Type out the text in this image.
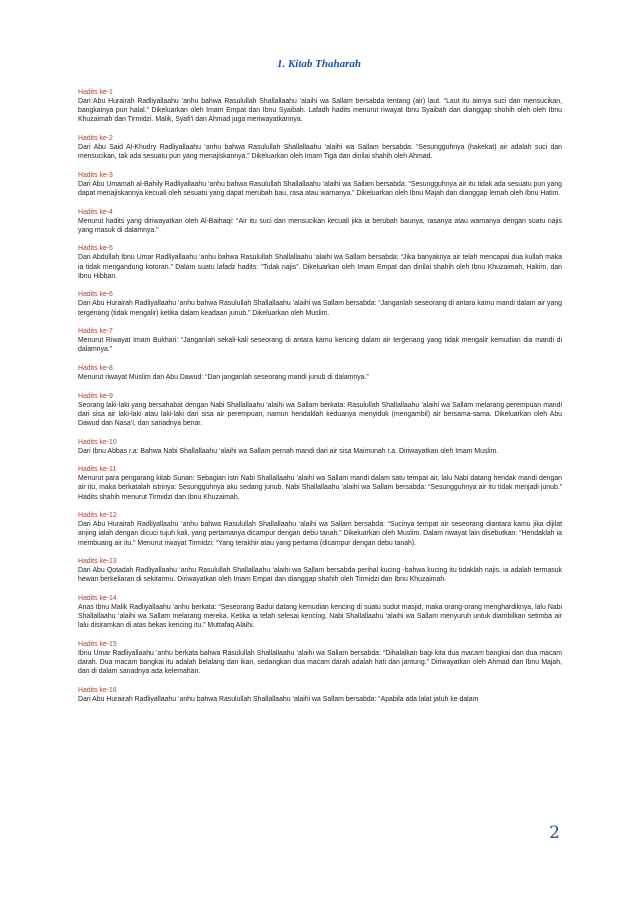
1. Kitab Thaharah
Hadits ke-1
Dari Abu Hurairah Radliyallaahu ‘anhu bahwa Rasulullah Shallallaahu ‘alaihi wa Sallam bersabda tentang (air) laut. “Laut itu airnya suci dan mensucikan, bangkainya pun halal.” Dikeluarkan oleh Imam Empat dan Ibnu Syaibah. Lafadh hadits menurut riwayat Ibnu Syaibah dan dianggap shohih oleh oleh Ibnu Khuzaimah dan Tirmidzi. Malik, Syafi'i dan Ahmad juga meriwayatkannya.
Hadits ke-2
Dari Abu Said Al-Khudry Radliyallaahu ‘anhu bahwa Rasulullah Shallallaahu ‘alaihi wa Sallam bersabda: “Sesungguhnya (hakekat) air adalah suci dan mensucikan, tak ada sesuatu pun yang menajiskannya.” Dikeluarkan oleh Imam Tiga dan dinilai shahih oleh Ahmad.
Hadits ke-3
Dari Abu Umamah al-Bahily Radliyallaahu ‘anhu bahwa Rasulullah Shallallaahu ‘alaihi wa Sallam bersabda: “Sesungguhnya air itu tidak ada sesuatu pun yang dapat menajiskannya kecuali oleh sesuatu yang dapat merubah bau, rasa atau warnanya.” Dikeluarkan oleh Ibnu Majah dan dianggap lemah oleh Ibnu Hatim.
Hadits ke-4
Menurut hadits yang diriwayatkan oleh Al-Baihaqi: “Air itu suci dan mensucikan kecuali jika ia berubah baunya, rasanya atau warnanya dengan suatu najis yang masuk di dalamnya.”
Hadits ke-5
Dari Abdullah Ibnu Umar Radliyallaahu ‘anhu bahwa Rasulullah Shallallaahu ‘alaihi wa Sallam bersabda: “Jika banyaknya air telah mencapai dua kullah maka ia tidak mengandung kotoran.” Dalam suatu lafadz hadits: “Tidak najis”. Dikeluarkan oleh Imam Empat dan dinilai shahih oleh Ibnu Khuzaimah, Hakim, dan Ibnu Hibban.
Hadits ke-6
Dari Abu Hurairah Radliyallaahu ‘anhu bahwa Rasulullah Shallallaahu ‘alaihi wa Sallam bersabda: “Janganlah seseorang di antara kamu mandi dalam air yang tergenang (tidak mengalir) ketika dalam keadaan junub.” Dikeluarkan oleh Muslim.
Hadits ke-7
Menurut Riwayat Imam Bukhari: “Janganlah sekali-kali seseorang di antara kamu kencing dalam air tergenang yang tidak mengalir kemudian dia mandi di dalamnya.”
Hadits ke-8
Menurut riwayat Muslim dan Abu Dawud: “Dan janganlah seseorang mandi junub di dalamnya.”
Hadits ke-9
Seorang laki-laki yang bersahabat dengan Nabi Shallallaahu ‘alaihi wa Sallam berkata: Rasulullah Shallallaahu ‘alaihi wa Sallam melarang perempuan mandi dari sisa air laki-laki atau laki-laki dari sisa air perempuan, namun hendaklah keduanya menyiduk (mengambil) air bersama-sama. Dikeluarkan oleh Abu Dawud dan Nasa’i, dan sanadnya benar.
Hadits ke-10
Dari Ibnu Abbas r.a: Bahwa Nabi Shallallaahu ‘alaihi wa Sallam pernah mandi dari air sisa Maimunah r.a. Diriwayatkan oleh Imam Muslim.
Hadits ke-11
Menurut para pengarang kitab Sunan: Sebagian istri Nabi Shallallaahu ‘alaihi wa Sallam mandi dalam satu tempat air, lalu Nabi datang hendak mandi dengan air itu, maka berkatalah istrinya: Sesungguhnya aku sedang junub. Nabi Shallallaahu ‘alaihi wa Sallam bersabda: “Sesungguhnya air itu tidak menjadi junub.” Hadits shahih menurut Tirmidzi dan Ibnu Khuzaimah.
Hadits ke-12
Dari Abu Hurairah Radliyallaahu ‘anhu bahwa Rasulullah Shallallaahu ‘alaihi wa Sallam bersabda: “Sucinya tempat air seseorang diantara kamu jika dijilat anjing ialah dengan dicuci tujuh kali, yang pertamanya dicampur dengan debu tanah.” Dikeluarkan oleh Muslim. Dalam riwayat lain disebutkan: “Hendaklah ia membuang air itu.” Menurut riwayat Tirmidzi: “Yang terakhir atau yang pertama (dicampur dengan debu tanah).
Hadits ke-13
Dari Abu Qotadah Radliyallaahu ‘anhu Rasulullah Shallallaahu ‘alaihi wa Sallam bersabda perihal kucing -bahwa kucing itu tidaklah najis, ia adalah termasuk hewan berkeliaran di sekitarmu. Diriwayatkan oleh Imam Empat dan dianggap shahih oleh Tirmidzi dan Ibnu Khuzaimah.
Hadits ke-14
Anas Ibnu Malik Radliyallaahu ‘anhu berkata: “Seseorang Badui datang kemudian kencing di suatu sudut masjid, maka orang-orang menghardiknya, lalu Nabi Shallallaahu ‘alaihi wa Sallam melarang mereka. Ketika ia telah selesai kencing, Nabi Shallallaahu ‘alaihi wa Sallam menyuruh untuk diambilkan setimba air lalu disiramkan di atas bekas kencing itu.” Muttafaq Alaihi.
Hadits ke-15
Ibnu Umar Radliyallaahu ‘anhu berkata bahwa Rasulullah Shallallaahu ‘alaihi wa Sallam bersabda: “Dihalalkan bagi kita dua macam bangkai dan dua macam darah. Dua macam bangkai itu adalah belalang dan ikan, sedangkan dua macam darah adalah hati dan jantung.” Diriwayatkan oleh Ahmad dan Ibnu Majah, dan di dalam sanadnya ada kelemahan.
Hadits ke-16
Dari Abu Hurairah Radliyallaahu ‘anhu bahwa Rasulullah Shallallaahu ‘alaihi wa Sallam bersabda: “Apabila ada lalat jatuh ke dalam
2
